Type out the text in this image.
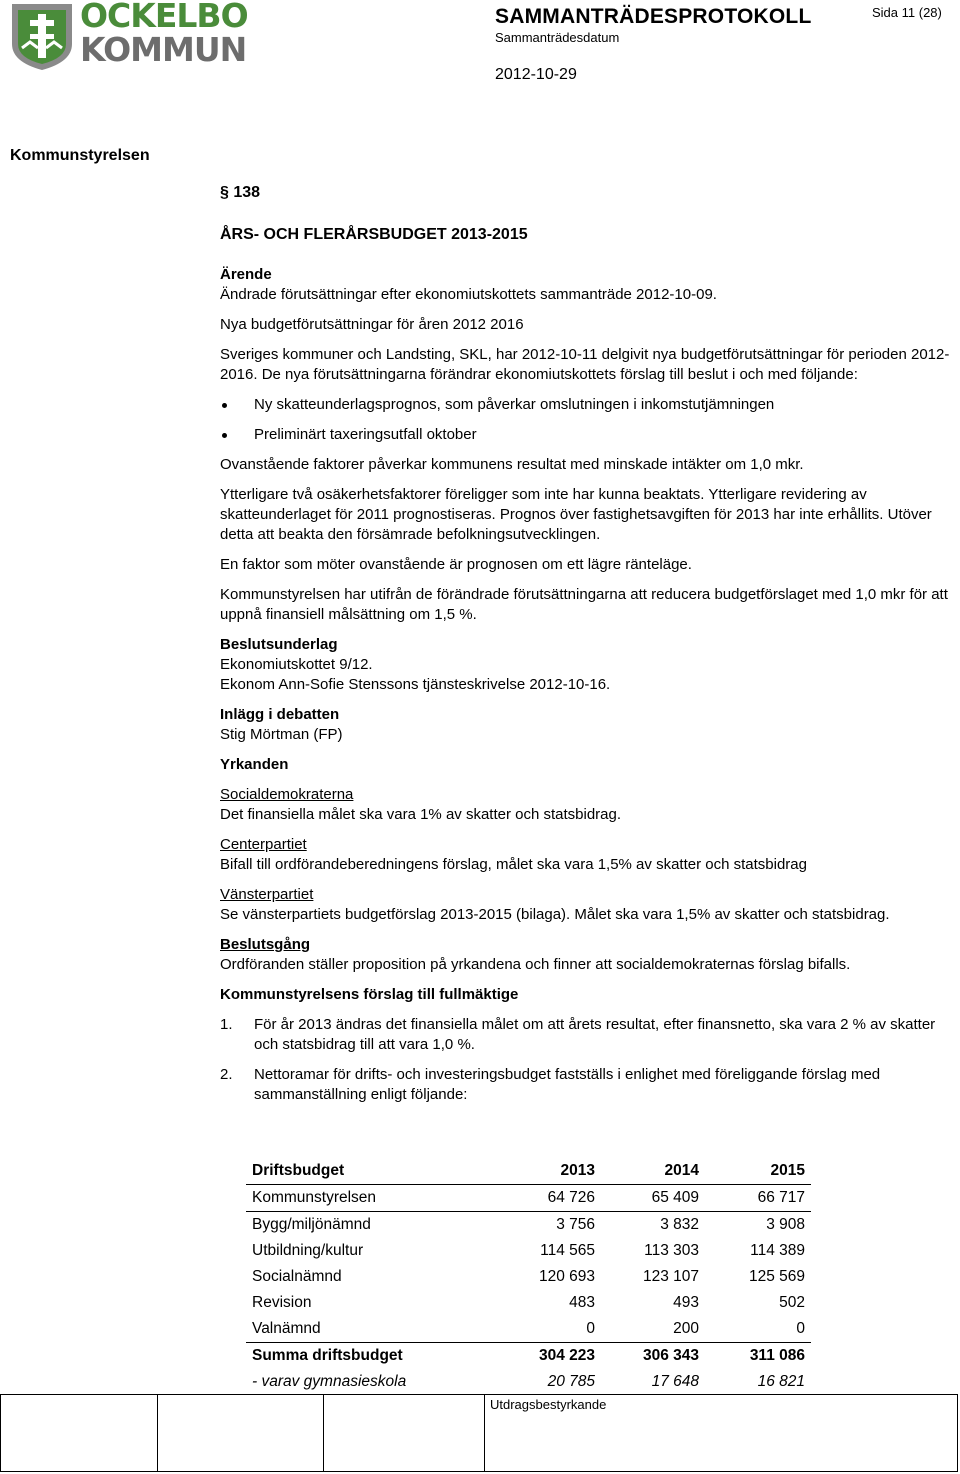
OCKELBO
KOMMUN
SAMMANTRÄDESPROTOKOLL
Sammanträdesdatum
2012-10-29
Sida 11 (28)
Kommunstyrelsen
§ 138

ÅRS- OCH FLERÅRSBUDGET 2013-2015

Ärende

Ändrade förutsättningar efter ekonomiutskottets sammanträde 2012-10-09.

Nya budgetförutsättningar för åren 2012 2016

Sveriges kommuner och Landsting, SKL, har 2012-10-11 delgivit nya budgetförutsättningar för perioden 2012-2016. De nya förutsättningarna förändrar ekonomiutskottets förslag till beslut i och med följande:

Ny skatteunderlagsprognos, som påverkar omslutningen i inkomstutjämningen
Preliminärt taxeringsutfall oktober

Ovanstående faktorer påverkar kommunens resultat med minskade intäkter om 1,0 mkr.

Ytterligare två osäkerhetsfaktorer föreligger som inte har kunna beaktats. Ytterligare revidering av skatteunderlaget för 2011 prognostiseras. Prognos över fastighetsavgiften för 2013 har inte erhållits. Utöver detta att beakta den försämrade befolkningsutvecklingen.

En faktor som möter ovanstående är prognosen om ett lägre ränteläge.

Kommunstyrelsen har utifrån de förändrade förutsättningarna att reducera budgetförslaget med 1,0 mkr för att uppnå finansiell målsättning om 1,5 %.

Beslutsunderlag

Ekonomiutskottet 9/12.

Ekonom Ann-Sofie Stenssons tjänsteskrivelse 2012-10-16.

Inlägg i debatten

Stig Mörtman (FP)

Yrkanden

Socialdemokraterna

Det finansiella målet ska vara 1% av skatter och statsbidrag.

Centerpartiet

Bifall till ordförandeberedningens förslag, målet ska vara 1,5% av skatter och statsbidrag

Vänsterpartiet

Se vänsterpartiets budgetförslag 2013-2015 (bilaga). Målet ska vara 1,5% av skatter och statsbidrag.

Beslutsgång

Ordföranden ställer proposition på yrkandena och finner att socialdemokraternas förslag bifalls.

Kommunstyrelsens förslag till fullmäktige

1. För år 2013 ändras det finansiella målet om att årets resultat, efter finansnetto, ska vara 2 % av skatter och statsbidrag till att vara 1,0 %.
2. Nettoramar för drifts- och investeringsbudget fastställs i enlighet med föreliggande förslag med sammanställning enligt följande:
Driftsbudget	2013	2014	2015
Kommunstyrelsen	64 726	65 409	66 717
Bygg/miljönämnd	3 756	3 832	3 908
Utbildning/kultur	114 565	113 303	114 389
Socialnämnd	120 693	123 107	125 569
Revision	483	493	502
Valnämnd	0	200	0
Summa driftsbudget	304 223	306 343	311 086
- varav gymnasieskola	20 785	17 648	16 821
Utdragsbestyrkande
